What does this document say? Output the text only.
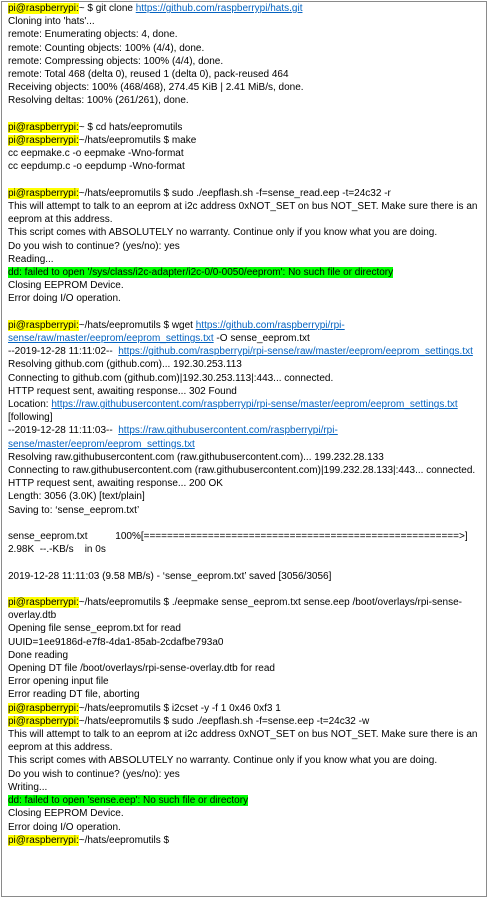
pi@raspberrypi:~ $ git clone https://github.com/raspberrypi/hats.git
Cloning into 'hats'...
remote: Enumerating objects: 4, done.
remote: Counting objects: 100% (4/4), done.
remote: Compressing objects: 100% (4/4), done.
remote: Total 468 (delta 0), reused 1 (delta 0), pack-reused 464
Receiving objects: 100% (468/468), 274.45 KiB | 2.41 MiB/s, done.
Resolving deltas: 100% (261/261), done.
pi@raspberrypi:~ $ cd hats/eepromutils
pi@raspberrypi:~/hats/eepromutils $ make
cc eepmake.c -o eepmake -Wno-format
cc eepdump.c -o eepdump -Wno-format
pi@raspberrypi:~/hats/eepromutils $ sudo ./eepflash.sh -f=sense_read.eep -t=24c32 -r
This will attempt to talk to an eeprom at i2c address 0xNOT_SET on bus NOT_SET. Make sure there is an eeprom at this address.
This script comes with ABSOLUTELY no warranty. Continue only if you know what you are doing.
Do you wish to continue? (yes/no): yes
Reading...
dd: failed to open '/sys/class/i2c-adapter/i2c-0/0-0050/eeprom': No such file or directory
Closing EEPROM Device.
Error doing I/O operation.
pi@raspberrypi:~/hats/eepromutils $ wget https://github.com/raspberrypi/rpi-sense/raw/master/eeprom/eeprom_settings.txt -O sense_eeprom.txt
--2019-12-28 11:11:02--  https://github.com/raspberrypi/rpi-sense/raw/master/eeprom/eeprom_settings.txt
Resolving github.com (github.com)... 192.30.253.113
Connecting to github.com (github.com)|192.30.253.113|:443... connected.
HTTP request sent, awaiting response... 302 Found
Location: https://raw.githubusercontent.com/raspberrypi/rpi-sense/master/eeprom/eeprom_settings.txt [following]
--2019-12-28 11:11:03--  https://raw.githubusercontent.com/raspberrypi/rpi-sense/master/eeprom/eeprom_settings.txt
Resolving raw.githubusercontent.com (raw.githubusercontent.com)... 199.232.28.133
Connecting to raw.githubusercontent.com (raw.githubusercontent.com)|199.232.28.133|:443... connected.
HTTP request sent, awaiting response... 200 OK
Length: 3056 (3.0K) [text/plain]
Saving to: ‘sense_eeprom.txt’
sense_eeprom.txt          100%[======================================================>]
2.98K  --.-KB/s    in 0s
2019-12-28 11:11:03 (9.58 MB/s) - ‘sense_eeprom.txt’ saved [3056/3056]
pi@raspberrypi:~/hats/eepromutils $ ./eepmake sense_eeprom.txt sense.eep /boot/overlays/rpi-sense-overlay.dtb
Opening file sense_eeprom.txt for read
UUID=1ee9186d-e7f8-4da1-85ab-2cdafbe793a0
Done reading
Opening DT file /boot/overlays/rpi-sense-overlay.dtb for read
Error opening input file
Error reading DT file, aborting
pi@raspberrypi:~/hats/eepromutils $ i2cset -y -f 1 0x46 0xf3 1
pi@raspberrypi:~/hats/eepromutils $ sudo ./eepflash.sh -f=sense.eep -t=24c32 -w
This will attempt to talk to an eeprom at i2c address 0xNOT_SET on bus NOT_SET. Make sure there is an eeprom at this address.
This script comes with ABSOLUTELY no warranty. Continue only if you know what you are doing.
Do you wish to continue? (yes/no): yes
Writing...
dd: failed to open 'sense.eep': No such file or directory
Closing EEPROM Device.
Error doing I/O operation.
pi@raspberrypi:~/hats/eepromutils $
